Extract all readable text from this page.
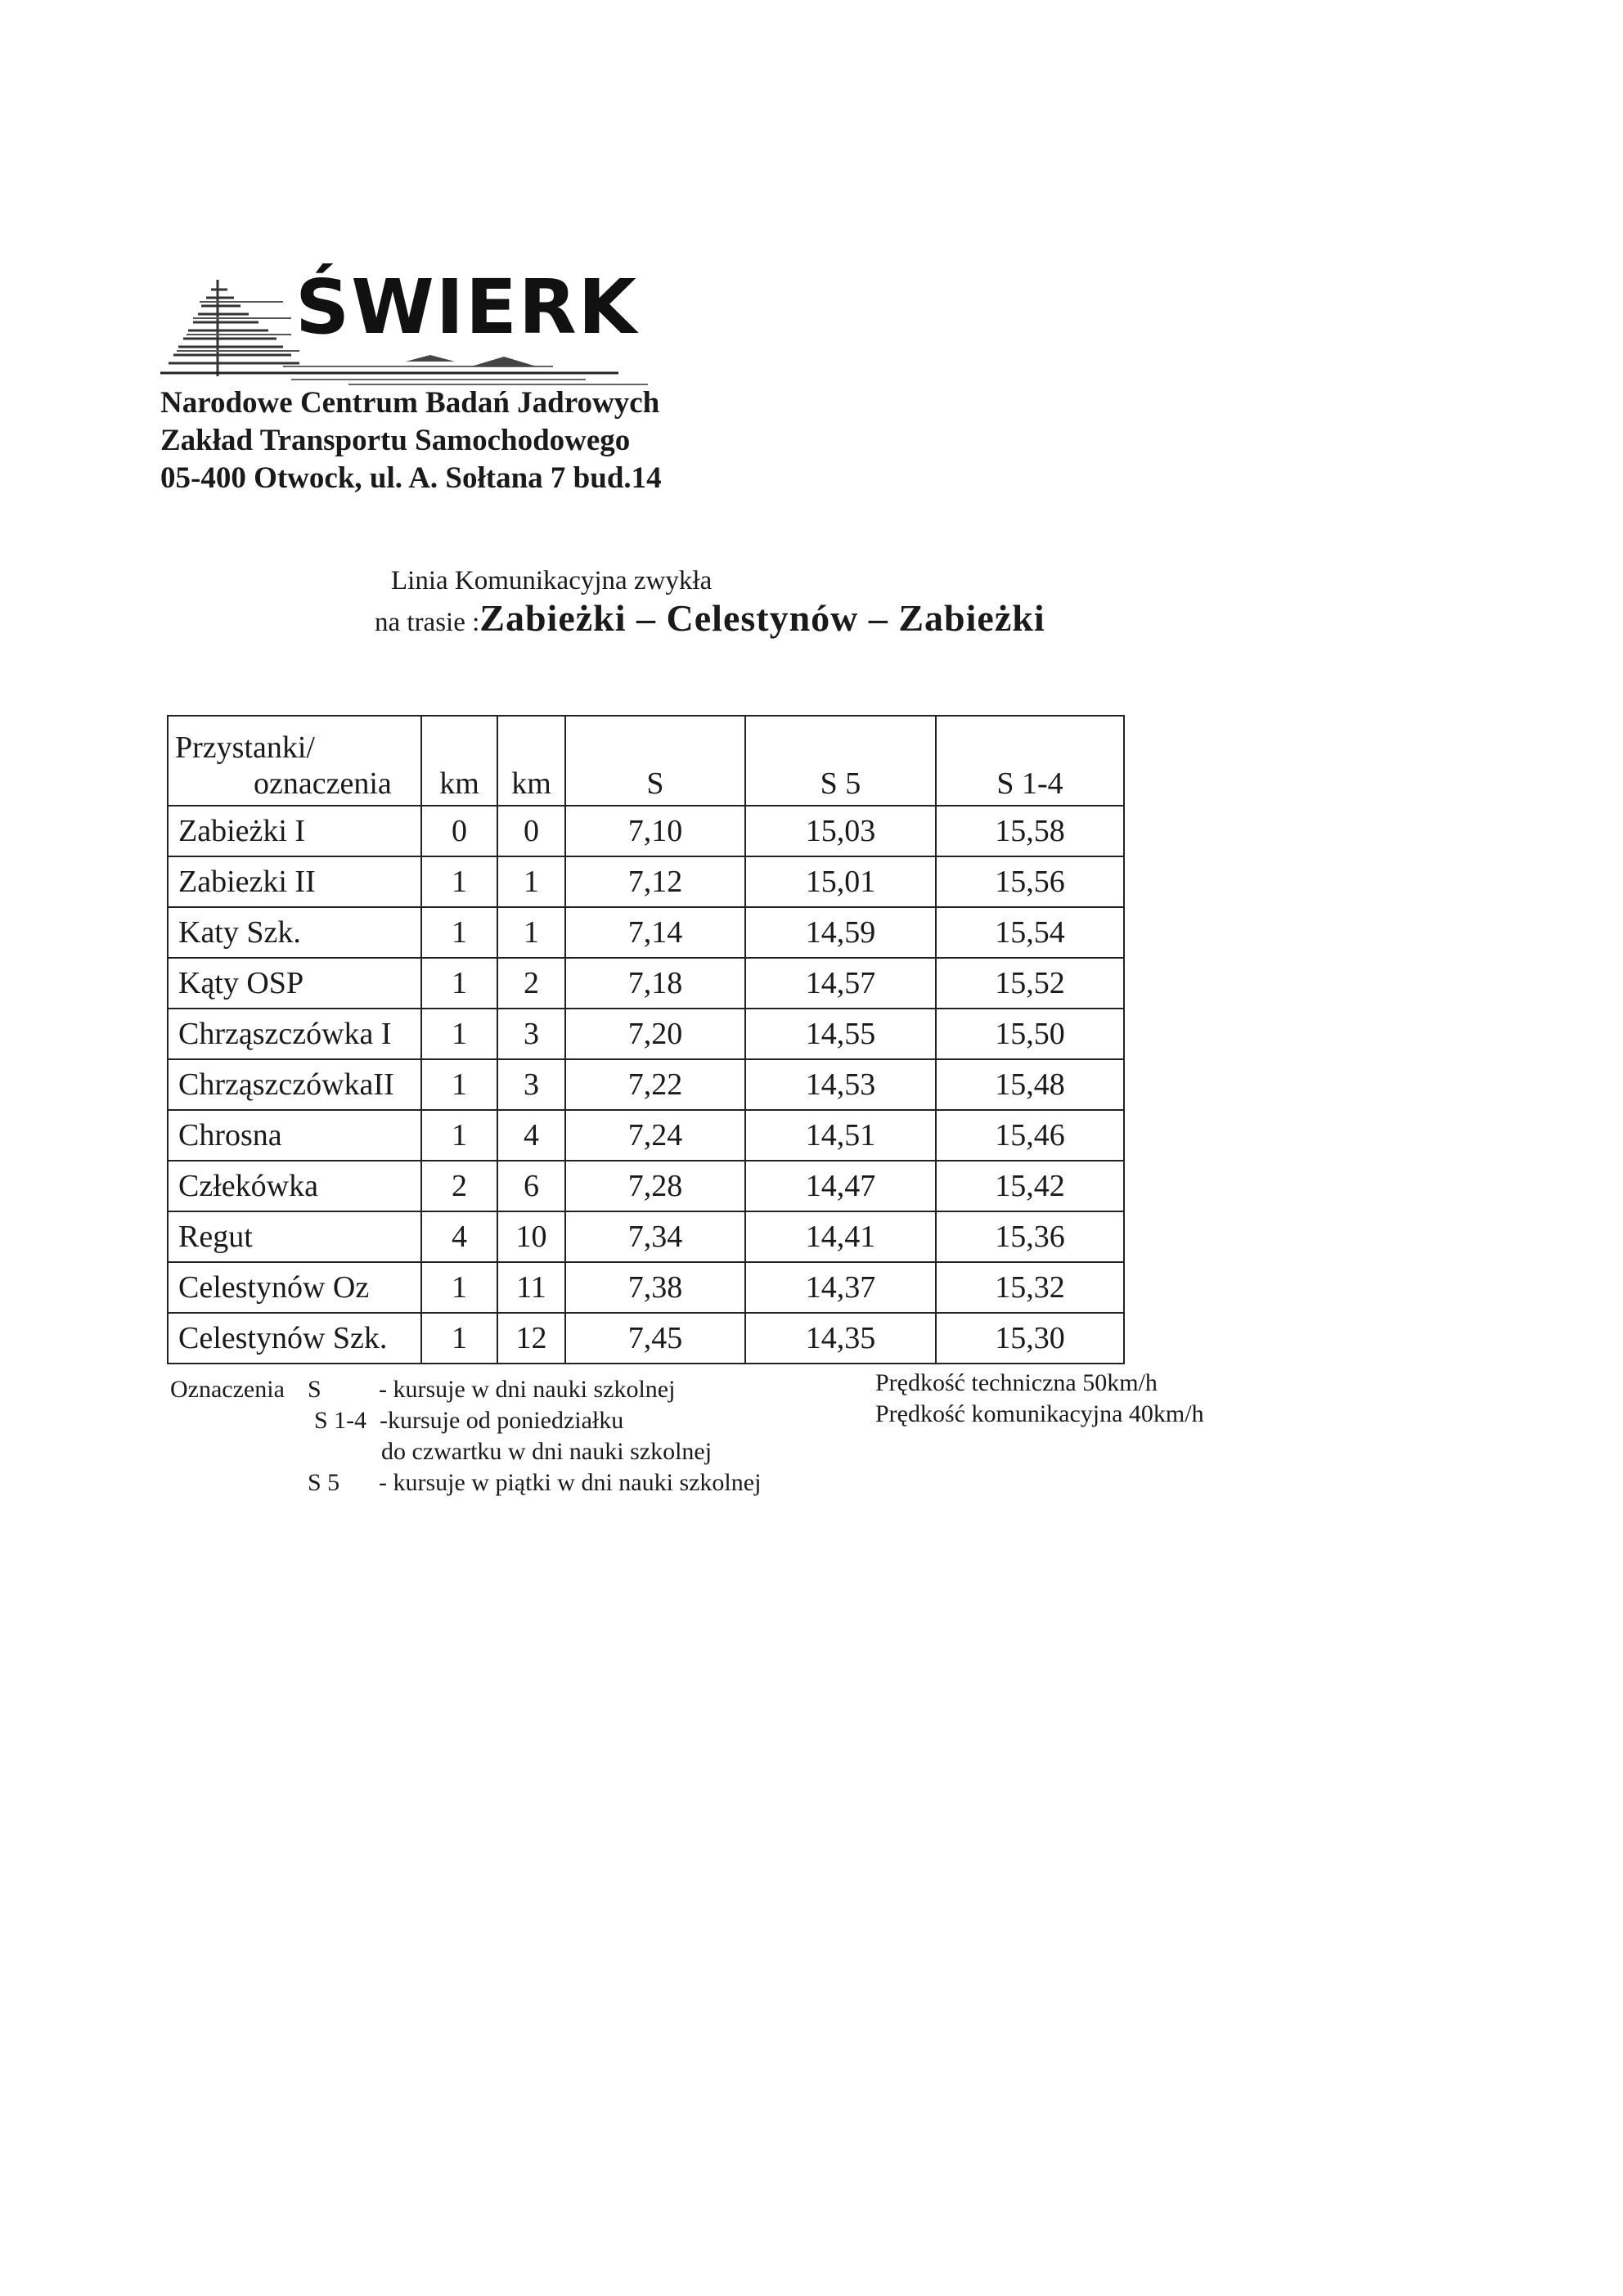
ŚWIERK
Narodowe Centrum Badań Jadrowych
Zakład Transportu Samochodowego
05-400 Otwock, ul. A. Sołtana 7 bud.14
Linia Komunikacyjna zwykła
na trasie :Zabieżki – Celestynów – Zabieżki
Przystanki/
oznaczenia	km	km	S	S 5	S 1-4
Zabieżki I	0	0	7,10	15,03	15,58
Zabiezki II	1	1	7,12	15,01	15,56
Katy Szk.	1	1	7,14	14,59	15,54
Kąty OSP	1	2	7,18	14,57	15,52
Chrząszczówka I	1	3	7,20	14,55	15,50
ChrząszczówkaII	1	3	7,22	14,53	15,48
Chrosna	1	4	7,24	14,51	15,46
Człekówka	2	6	7,28	14,47	15,42
Regut	4	10	7,34	14,41	15,36
Celestynów Oz	1	11	7,38	14,37	15,32
Celestynów Szk.	1	12	7,45	14,35	15,30
Oznaczenia S - kursuje w dni nauki szkolnej
S 1-4 -kursuje od poniedziałku
do czwartku w dni nauki szkolnej
S 5 - kursuje w piątki w dni nauki szkolnej
Prędkość techniczna 50km/h
Prędkość komunikacyjna 40km/h
